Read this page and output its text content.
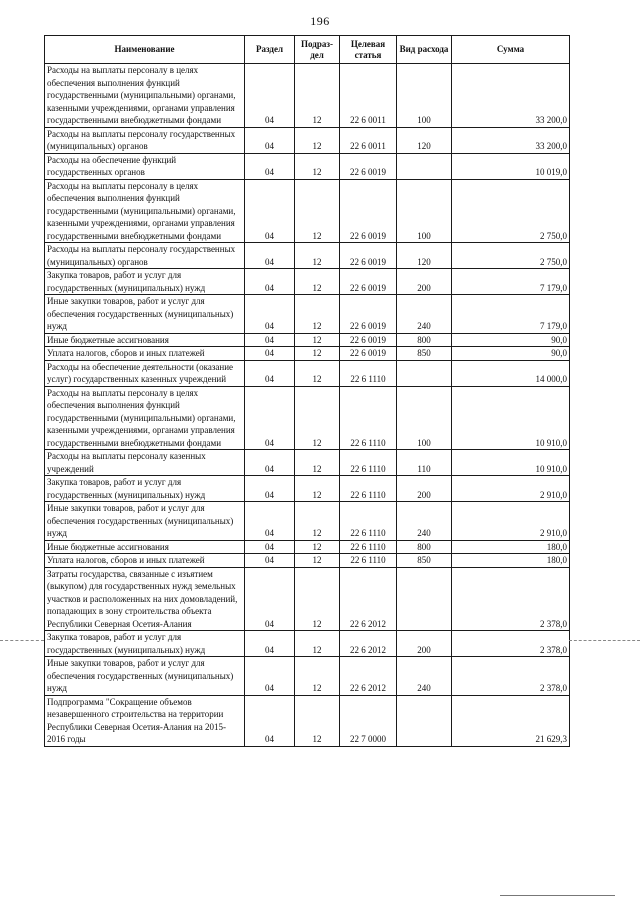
196
Наименование	Раздел	Подраз-дел	Целевая статья	Вид расхода	Сумма
Расходы на выплаты персоналу в целях обеспечения выполнения функций государственными (муниципальными) органами, казенными учреждениями, органами управления государственными внебюджетными фондами	04	12	22 6 0011	100	33 200,0
Расходы на выплаты персоналу государственных (муниципальных) органов	04	12	22 6 0011	120	33 200,0
Расходы на обеспечение функций государственных органов	04	12	22 6 0019		10 019,0
Расходы на выплаты персоналу в целях обеспечения выполнения функций государственными (муниципальными) органами, казенными учреждениями, органами управления государственными внебюджетными фондами	04	12	22 6 0019	100	2 750,0
Расходы на выплаты персоналу государственных (муниципальных) органов	04	12	22 6 0019	120	2 750,0
Закупка товаров, работ и услуг для государственных (муниципальных) нужд	04	12	22 6 0019	200	7 179,0
Иные закупки товаров, работ и услуг для обеспечения государственных (муниципальных) нужд	04	12	22 6 0019	240	7 179,0
Иные бюджетные ассигнования	04	12	22 6 0019	800	90,0
Уплата налогов, сборов и иных платежей	04	12	22 6 0019	850	90,0
Расходы на обеспечение деятельности (оказание услуг) государственных казенных учреждений	04	12	22 6 1110		14 000,0
Расходы на выплаты персоналу в целях обеспечения выполнения функций государственными (муниципальными) органами, казенными учреждениями, органами управления государственными внебюджетными фондами	04	12	22 6 1110	100	10 910,0
Расходы на выплаты персоналу казенных учреждений	04	12	22 6 1110	110	10 910,0
Закупка товаров, работ и услуг для государственных (муниципальных) нужд	04	12	22 6 1110	200	2 910,0
Иные закупки товаров, работ и услуг для обеспечения государственных (муниципальных) нужд	04	12	22 6 1110	240	2 910,0
Иные бюджетные ассигнования	04	12	22 6 1110	800	180,0
Уплата налогов, сборов и иных платежей	04	12	22 6 1110	850	180,0
Затраты государства, связанные с изъятием (выкупом) для государственных нужд земельных участков и расположенных на них домовладений, попадающих в зону строительства объекта Республики Северная Осетия-Алания	04	12	22 6 2012		2 378,0
Закупка товаров, работ и услуг для государственных (муниципальных) нужд	04	12	22 6 2012	200	2 378,0
Иные закупки товаров, работ и услуг для обеспечения государственных (муниципальных) нужд	04	12	22 6 2012	240	2 378,0
Подпрограмма "Сокращение объемов незавершенного строительства на территории Республики Северная Осетия-Алания на 2015-2016 годы	04	12	22 7 0000		21 629,3
